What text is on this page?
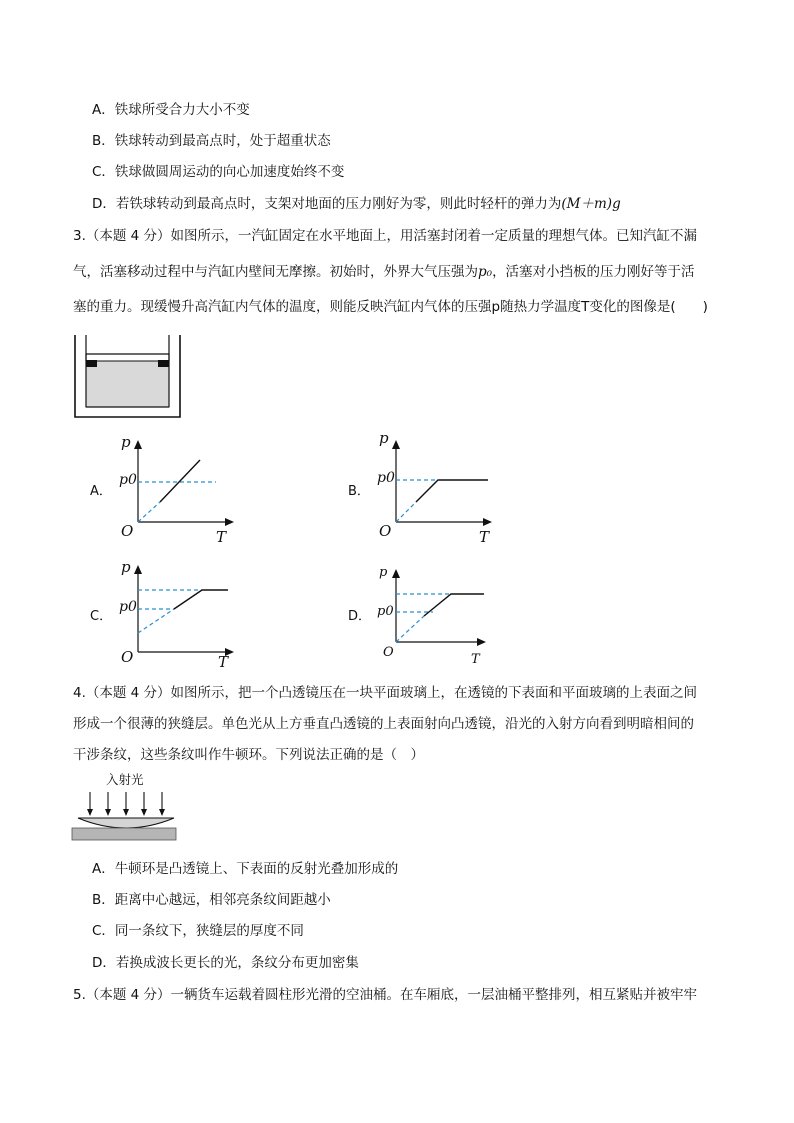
A．铁球所受合力大小不变
B．铁球转动到最高点时，处于超重状态
C．铁球做圆周运动的向心加速度始终不变
D．若铁球转动到最高点时，支架对地面的压力刚好为零，则此时轻杆的弹力为(M＋m)g
3.（本题 4 分）如图所示，一汽缸固定在水平地面上，用活塞封闭着一定质量的理想气体。已知汽缸不漏
气，活塞移动过程中与汽缸内壁间无摩擦。初始时，外界大气压强为p₀，活塞对小挡板的压力刚好等于活
塞的重力。现缓慢升高汽缸内气体的温度，则能反映汽缸内气体的压强p随热力学温度T变化的图像是(　　)
A．
p
p0
O	T
B．
p
p0
O	T
C．
p
p0
O	T
D．
p
p0
O	T
4.（本题 4 分）如图所示，把一个凸透镜压在一块平面玻璃上，在透镜的下表面和平面玻璃的上表面之间
形成一个很薄的狭缝层。单色光从上方垂直凸透镜的上表面射向凸透镜，沿光的入射方向看到明暗相间的
干涉条纹，这些条纹叫作牛顿环。下列说法正确的是（　）
入射光
A．牛顿环是凸透镜上、下表面的反射光叠加形成的
B．距离中心越远，相邻亮条纹间距越小
C．同一条纹下，狭缝层的厚度不同
D．若换成波长更长的光，条纹分布更加密集
5.（本题 4 分）一辆货车运载着圆柱形光滑的空油桶。在车厢底，一层油桶平整排列，相互紧贴并被牢牢
